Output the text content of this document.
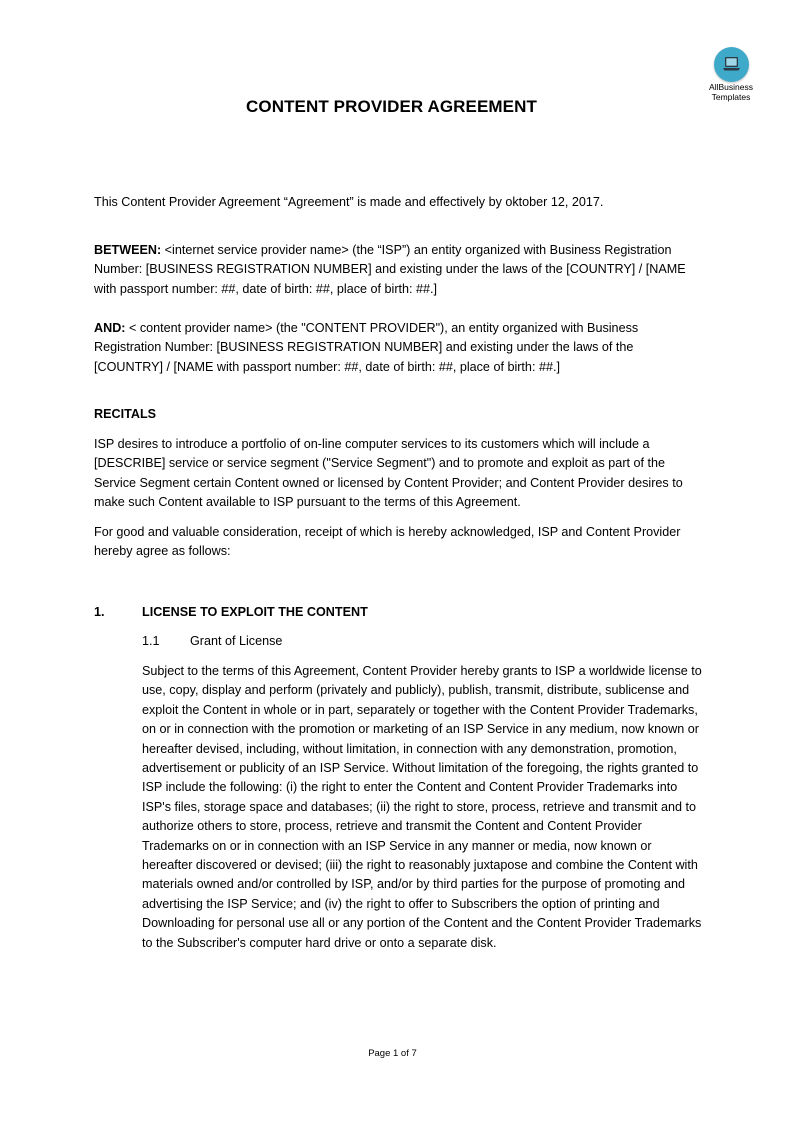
AllBusiness
Templates
CONTENT PROVIDER AGREEMENT

This Content Provider Agreement “Agreement” is made and effectively by oktober 12, 2017.

BETWEEN: <internet service provider name> (the “ISP”) an entity organized with Business Registration Number: [BUSINESS REGISTRATION NUMBER] and existing under the laws of the [COUNTRY] / [NAME with passport number: ##, date of birth: ##, place of birth: ##.]

AND: < content provider name> (the "CONTENT PROVIDER"), an entity organized with Business Registration Number: [BUSINESS REGISTRATION NUMBER] and existing under the laws of the [COUNTRY] / [NAME with passport number: ##, date of birth: ##, place of birth: ##.]

RECITALS

ISP desires to introduce a portfolio of on-line computer services to its customers which will include a [DESCRIBE] service or service segment ("Service Segment") and to promote and exploit as part of the Service Segment certain Content owned or licensed by Content Provider; and Content Provider desires to make such Content available to ISP pursuant to the terms of this Agreement.

For good and valuable consideration, receipt of which is hereby acknowledged, ISP and Content Provider hereby agree as follows:

1.	LICENSE TO EXPLOIT THE CONTENT
1.1 Grant of License

Subject to the terms of this Agreement, Content Provider hereby grants to ISP a worldwide license to use, copy, display and perform (privately and publicly), publish, transmit, distribute, sublicense and exploit the Content in whole or in part, separately or together with the Content Provider Trademarks, on or in connection with the promotion or marketing of an ISP Service in any medium, now known or hereafter devised, including, without limitation, in connection with any demonstration, promotion, advertisement or publicity of an ISP Service. Without limitation of the foregoing, the rights granted to ISP include the following: (i) the right to enter the Content and Content Provider Trademarks into ISP's files, storage space and databases; (ii) the right to store, process, retrieve and transmit and to authorize others to store, process, retrieve and transmit the Content and Content Provider Trademarks on or in connection with an ISP Service in any manner or media, now known or hereafter discovered or devised; (iii) the right to reasonably juxtapose and combine the Content with materials owned and/or controlled by ISP, and/or by third parties for the purpose of promoting and advertising the ISP Service; and (iv) the right to offer to Subscribers the option of printing and Downloading for personal use all or any portion of the Content and the Content Provider Trademarks to the Subscriber's computer hard drive or onto a separate disk.

Page 1 of 7
